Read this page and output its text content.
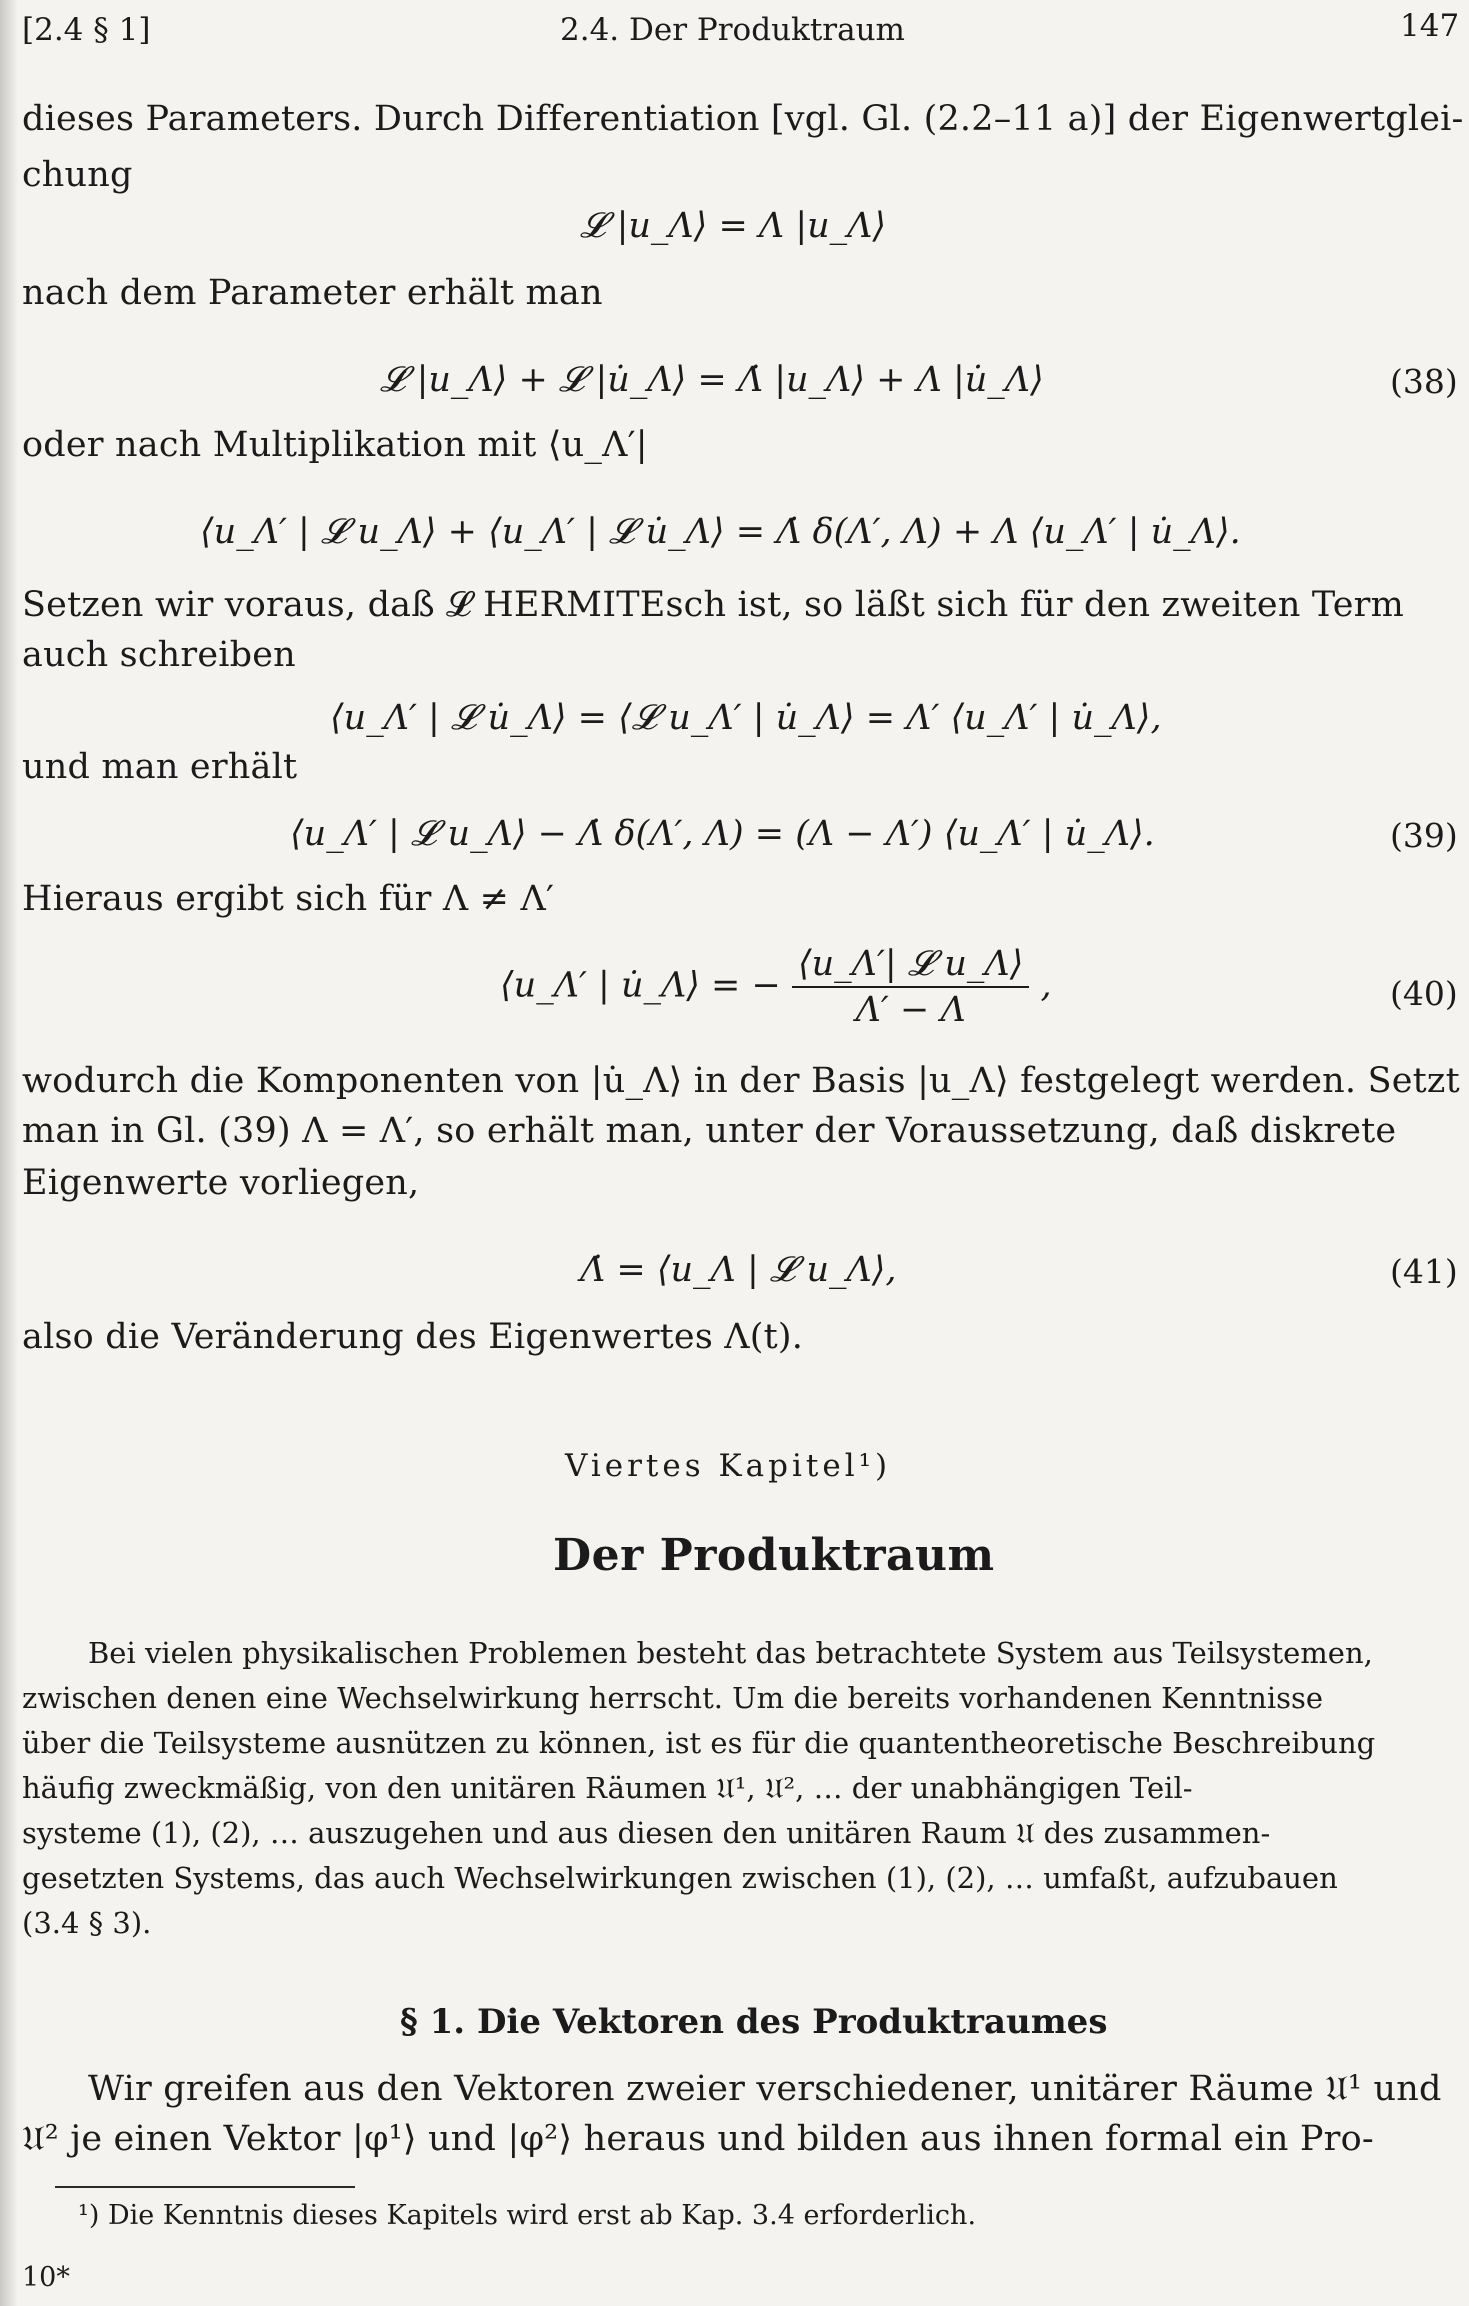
[2.4 § 1]	2.4. Der Produktraum	147
dieses Parameters. Durch Differentiation [vgl. Gl. (2.2–11 a)] der Eigenwertglei-
chung
𝓛 |u_Λ⟩ = Λ |u_Λ⟩
nach dem Parameter erhält man
𝓛̇ |u_Λ⟩ + 𝓛 |u̇_Λ⟩ = Λ̇ |u_Λ⟩ + Λ |u̇_Λ⟩	(38)
oder nach Multiplikation mit ⟨u_Λ′|
⟨u_Λ′ | 𝓛̇ u_Λ⟩ + ⟨u_Λ′ | 𝓛 u̇_Λ⟩ = Λ̇ δ(Λ′, Λ) + Λ ⟨u_Λ′ | u̇_Λ⟩.
Setzen wir voraus, daß 𝓛 HERMITEsch ist, so läßt sich für den zweiten Term
auch schreiben
⟨u_Λ′ | 𝓛 u̇_Λ⟩ = ⟨𝓛 u_Λ′ | u̇_Λ⟩ = Λ′ ⟨u_Λ′ | u̇_Λ⟩,
und man erhält
⟨u_Λ′ | 𝓛̇ u_Λ⟩ − Λ̇ δ(Λ′, Λ) = (Λ − Λ′) ⟨u_Λ′ | u̇_Λ⟩.	(39)
Hieraus ergibt sich für Λ ≠ Λ′
⟨u_Λ′ | u̇_Λ⟩ = − $\frac{\text{⟨u\_Λ′| 𝓛̇ u\_Λ⟩}}{\Lambda' - \Lambda}$ ,	(40)
wodurch die Komponenten von |u̇_Λ⟩ in der Basis |u_Λ⟩ festgelegt werden. Setzt
man in Gl. (39) Λ = Λ′, so erhält man, unter der Voraussetzung, daß diskrete
Eigenwerte vorliegen,
Λ̇ = ⟨u_Λ | 𝓛̇ u_Λ⟩,	(41)
also die Veränderung des Eigenwertes Λ(t).
Viertes Kapitel¹)
Der Produktraum
Bei vielen physikalischen Problemen besteht das betrachtete System aus Teilsystemen,
zwischen denen eine Wechselwirkung herrscht. Um die bereits vorhandenen Kenntnisse
über die Teilsysteme ausnützen zu können, ist es für die quantentheoretische Beschreibung
häufig zweckmäßig, von den unitären Räumen 𝔘¹, 𝔘², … der unabhängigen Teil-
systeme (1), (2), … auszugehen und aus diesen den unitären Raum 𝔘 des zusammen-
gesetzten Systems, das auch Wechselwirkungen zwischen (1), (2), … umfaßt, aufzubauen
(3.4 § 3).
§ 1. Die Vektoren des Produktraumes
Wir greifen aus den Vektoren zweier verschiedener, unitärer Räume 𝔘¹ und
𝔘² je einen Vektor |φ¹⟩ und |φ²⟩ heraus und bilden aus ihnen formal ein Pro-
¹) Die Kenntnis dieses Kapitels wird erst ab Kap. 3.4 erforderlich.
10*
